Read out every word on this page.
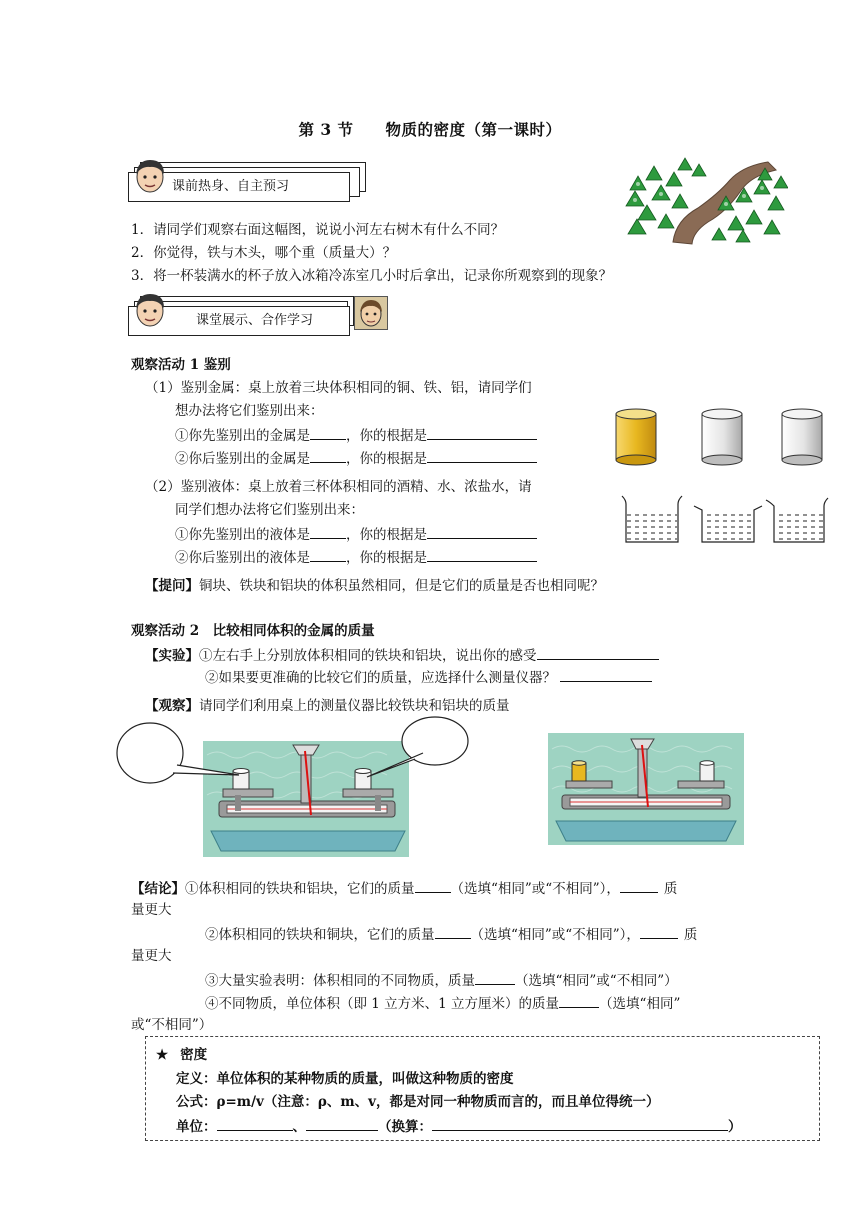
第 3 节　　物质的密度（第一课时）
课前热身、自主预习
1．请同学们观察右面这幅图，说说小河左右树木有什么不同？
2．你觉得，铁与木头，哪个重（质量大）？
3．将一杯装满水的杯子放入冰箱冷冻室几小时后拿出，记录你所观察到的现象？
课堂展示、合作学习
观察活动 1 鉴别
（1）鉴别金属：桌上放着三块体积相同的铜、铁、铝，请同学们
想办法将它们鉴别出来：
①你先鉴别出的金属是	，你的根据是
②你后鉴别出的金属是	，你的根据是
（2）鉴别液体：桌上放着三杯体积相同的酒精、水、浓盐水，请
同学们想办法将它们鉴别出来：
①你先鉴别出的液体是	，你的根据是
②你后鉴别出的液体是	，你的根据是
【提问】铜块、铁块和铝块的体积虽然相同，但是它们的质量是否也相同呢？
观察活动 2　比较相同体积的金属的质量
【实验】①左右手上分别放体积相同的铁块和铝块，说出你的感受
②如果要更准确的比较它们的质量，应选择什么测量仪器？
【观察】请同学们利用桌上的测量仪器比较铁块和铝块的质量
【结论】①体积相同的铁块和铝块，它们的质量	（选填“相同”或“不相同”），	质
量更大
②体积相同的铁块和铜块，它们的质量	（选填“相同”或“不相同”），	质
量更大
③大量实验表明：体积相同的不同物质，质量	（选填“相同”或“不相同”）
④不同物质，单位体积（即 1 立方米、1 立方厘米）的质量	（选填“相同”
或“不相同”）
★ 密度
定义：单位体积的某种物质的质量，叫做这种物质的密度
公式：ρ=m/v（注意：ρ、m、v，都是对同一种物质而言的，而且单位得统一）
单位：	、	（换算：	）
